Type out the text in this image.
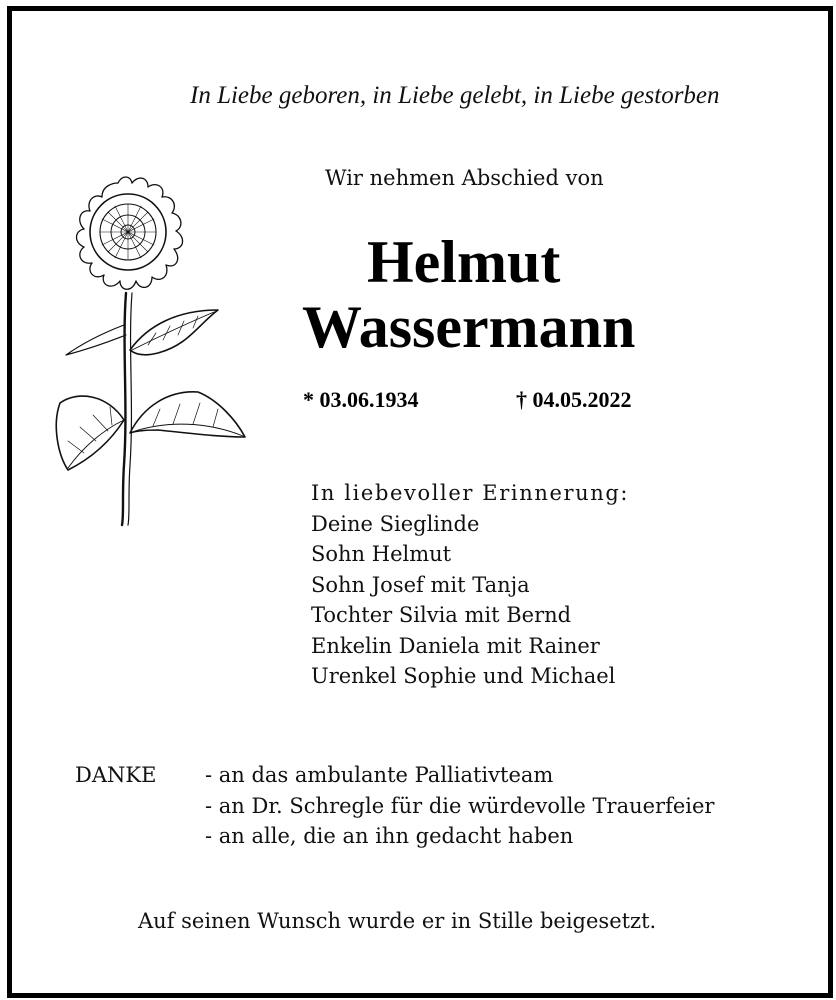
In Liebe geboren, in Liebe gelebt, in Liebe gestorben
Wir nehmen Abschied von
Helmut
Wassermann
* 03.06.1934	† 04.05.2022
In liebevoller Erinnerung:
Deine Sieglinde
Sohn Helmut
Sohn Josef mit Tanja
Tochter Silvia mit Bernd
Enkelin Daniela mit Rainer
Urenkel Sophie und Michael
DANKE - an das ambulante Palliativteam
- an Dr. Schregle für die würdevolle Trauerfeier
- an alle, die an ihn gedacht haben
Auf seinen Wunsch wurde er in Stille beigesetzt.
